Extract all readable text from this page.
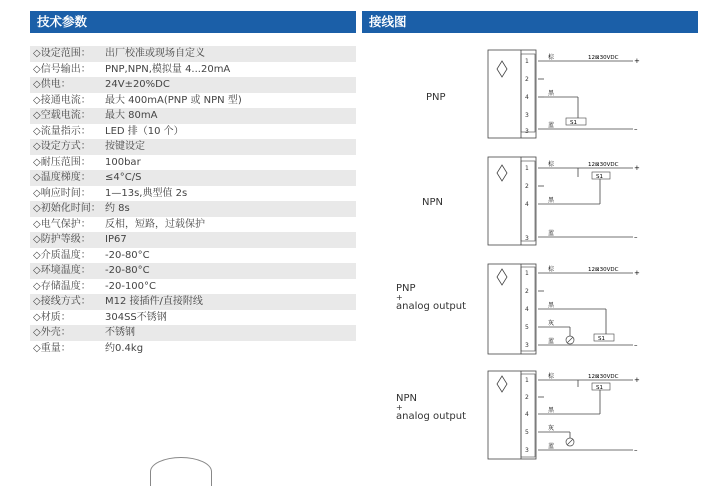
技术参数	接线图
◇设定范围：	出厂校准或现场自定义
◇信号输出：	PNP,NPN,模拟量 4...20mA
◇供电：	24V±20%DC
◇接通电流：	最大 400mA(PNP 或 NPN 型)
◇空载电流：	最大 80mA
◇流量指示：	LED 排（10 个）
◇设定方式：	按键设定
◇耐压范围：	100bar
◇温度梯度：	≤4°C/S
◇响应时间：	1—13s,典型值 2s
◇初始化时间： 约 8s
◇电气保护：	反相，短路，过载保护
◇防护等级：	IP67
◇介质温度：	-20-80°C
◇环境温度：	-20-80°C
◇存储温度：	-20-100°C
◇接线方式：	M12 接插件/直接附线
◇材质：	304SS不锈钢
◇外壳：	不锈钢
◇重量：	约0.4kg
PNP
NPN
PNP
+
analog output
NPN
+
analog output
1
2
4
3
3
S1
棕
黑
蓝
12⊠30VDC +
–
1
2
4
3
S1
棕
黑
蓝
12⊠30VDC +
–
1
2
4
5
3
S1
棕
黑
灰
蓝
12⊠30VDC +
–
1
2
4
5
3
S1
棕
黑
灰
蓝
12⊠30VDC +
–
